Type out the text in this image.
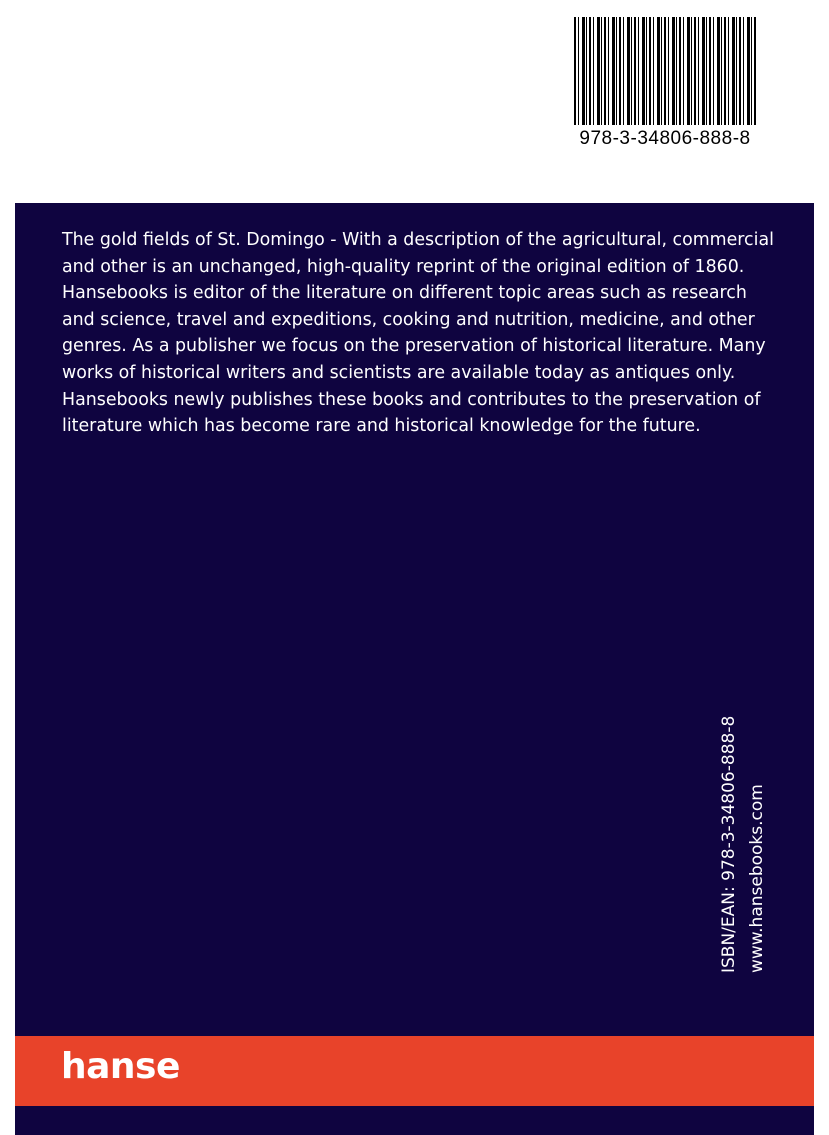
978-3-34806-888-8

The gold fields of St. Domingo - With a description of the agricultural, commercial and other is an unchanged, high-quality reprint of the original edition of 1860.

Hansebooks is editor of the literature on different topic areas such as research and science, travel and expeditions, cooking and nutrition, medicine, and other genres. As a publisher we focus on the preservation of historical literature. Many works of historical writers and scientists are available today as antiques only. Hansebooks newly publishes these books and contributes to the preservation of literature which has become rare and historical knowledge for the future.

ISBN/EAN: 978-3-34806-888-8 www.hansebooks.com
hanse
